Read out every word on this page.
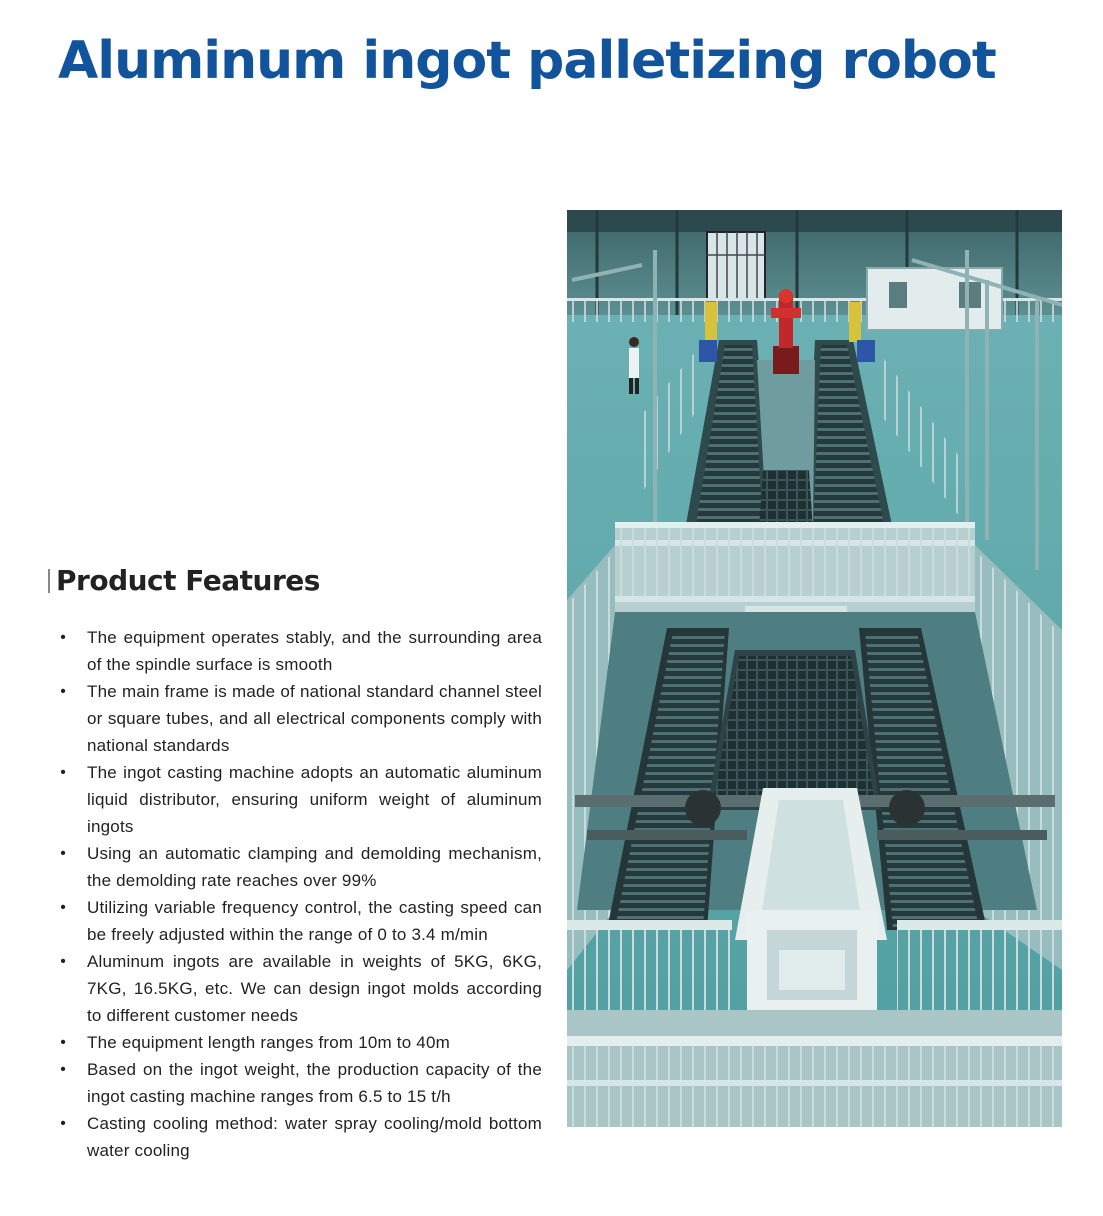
Aluminum ingot palletizing robot
Product Features
• The equipment operates stably, and the surrounding area of the spindle surface is smooth
• The main frame is made of national standard channel steel or square tubes, and all electrical components comply with national standards
• The ingot casting machine adopts an automatic aluminum liquid distributor, ensuring uniform weight of aluminum ingots
• Using an automatic clamping and demolding mechanism, the demolding rate reaches over 99%
• Utilizing variable frequency control, the casting speed can be freely adjusted within the range of 0 to 3.4 m/min
• Aluminum ingots are available in weights of 5KG, 6KG, 7KG, 16.5KG, etc. We can design ingot molds according to different customer needs
• The equipment length ranges from 10m to 40m
• Based on the ingot weight, the production capacity of the ingot casting machine ranges from 6.5 to 15 t/h
• Casting cooling method: water spray cooling/mold bottom water cooling
